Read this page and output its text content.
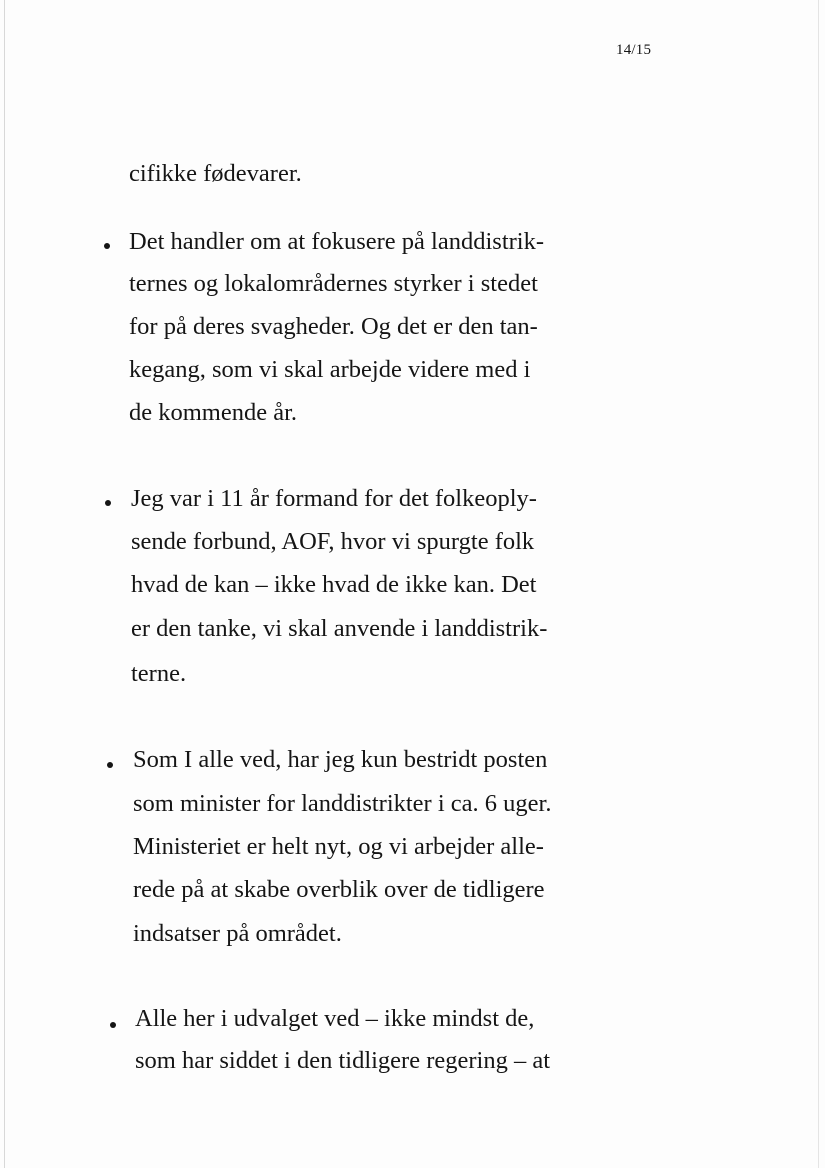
14/15
cifikke fødevarer.
Det handler om at fokusere på landdistrik-
ternes og lokalområdernes styrker i stedet
for på deres svagheder. Og det er den tan-
kegang, som vi skal arbejde videre med i
de kommende år.
Jeg var i 11 år formand for det folkeoply-
sende forbund, AOF, hvor vi spurgte folk
hvad de kan – ikke hvad de ikke kan. Det
er den tanke, vi skal anvende i landdistrik-
terne.
Som I alle ved, har jeg kun bestridt posten
som minister for landdistrikter i ca. 6 uger.
Ministeriet er helt nyt, og vi arbejder alle-
rede på at skabe overblik over de tidligere
indsatser på området.
Alle her i udvalget ved – ikke mindst de,
som har siddet i den tidligere regering – at
